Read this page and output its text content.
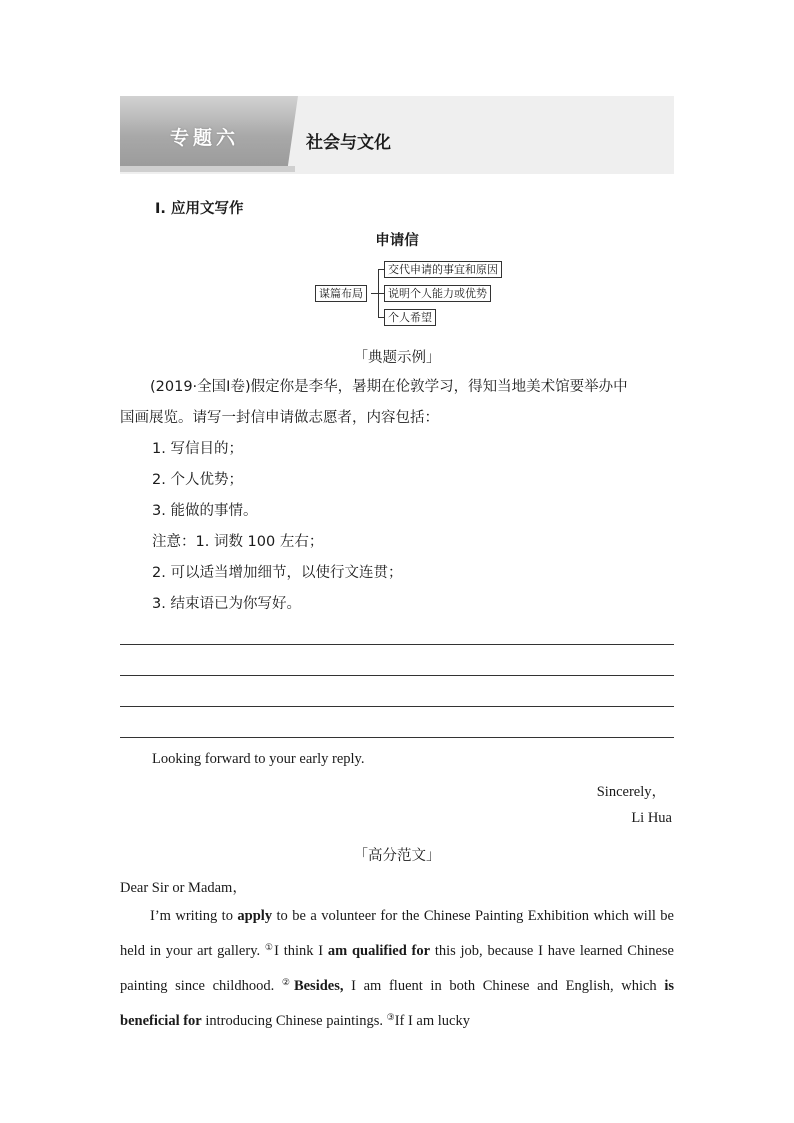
专题六	社会与文化
Ⅰ. 应用文写作
申请信
谋篇布局
交代申请的事宜和原因
说明个人能力或优势
个人希望
「典题示例」
(2019·全国Ⅰ卷)假定你是李华，暑期在伦敦学习，得知当地美术馆要举办中
国画展览。请写一封信申请做志愿者，内容包括：
1. 写信目的；
2. 个人优势；
3. 能做的事情。
注意：1. 词数 100 左右；
2. 可以适当增加细节，以使行文连贯；
3. 结束语已为你写好。
Looking forward to your early reply.
Sincerely，
Li Hua
「高分范文」
Dear Sir or Madam，
I’m writing to apply to be a volunteer for the Chinese Painting Exhibition which will be held in your art gallery. ①I think I am qualified for this job, because I have learned Chinese painting since childhood. ②Besides, I am fluent in both Chinese and English, which is beneficial for introducing Chinese paintings. ③If I am lucky
